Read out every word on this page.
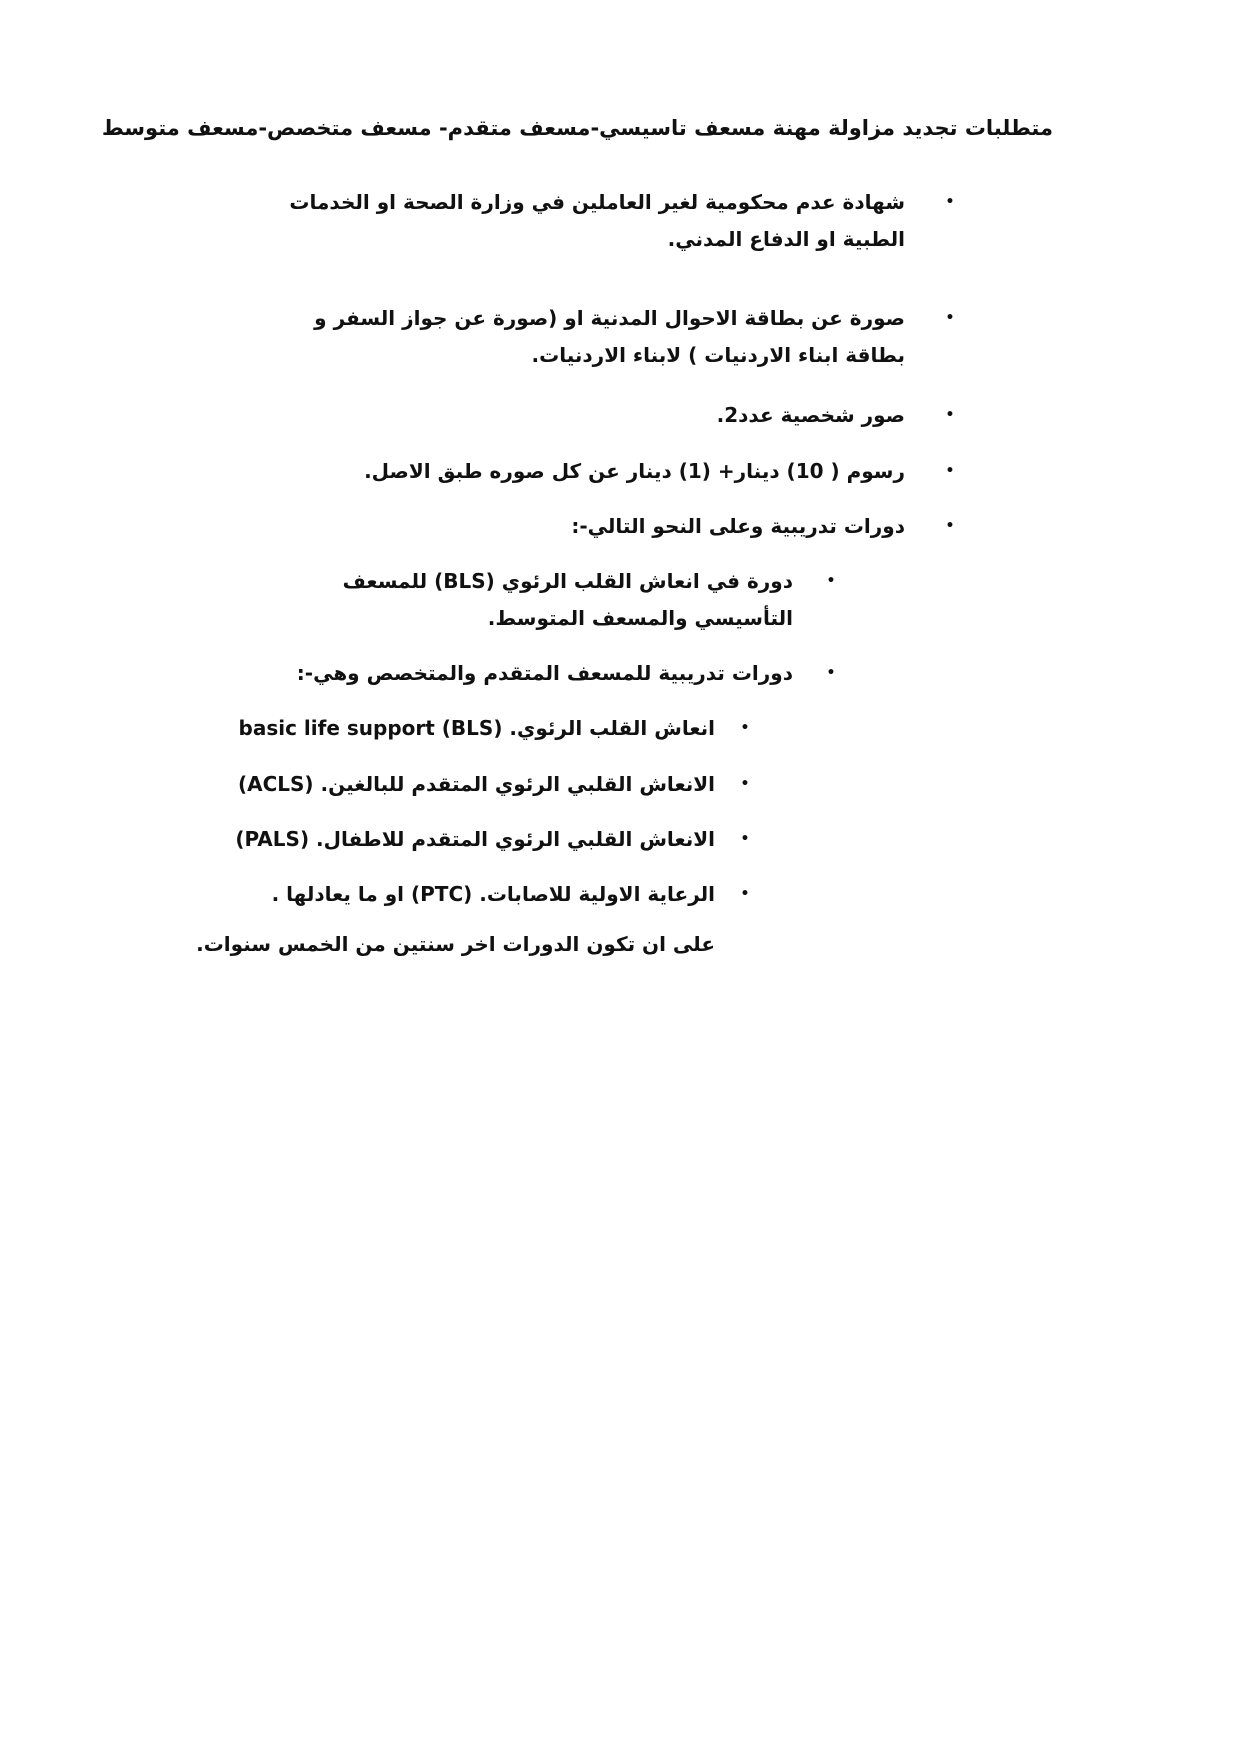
متطلبات تجديد مزاولة مهنة مسعف تاسيسي-مسعف متقدم- مسعف متخصص-مسعف متوسط
•
شهادة عدم محكومية لغير العاملين في وزارة الصحة او الخدمات الطبية او الدفاع المدني.
•
صورة عن بطاقة الاحوال المدنية او (صورة عن جواز السفر و بطاقة ابناء الاردنيات ) لابناء الاردنيات.
•
صور شخصية عدد2.
•
رسوم ( 10) دينار+ (1) دينار عن كل صوره طبق الاصل.
•
دورات تدريبية وعلى النحو التالي-:
•
دورة في انعاش القلب الرئوي (BLS) للمسعف التأسيسي والمسعف المتوسط.
•
دورات تدريبية للمسعف المتقدم والمتخصص وهي-:
•
انعاش القلب الرئوي. (BLS) basic life support
•
الانعاش القلبي الرئوي المتقدم للبالغين. (ACLS)
•
الانعاش القلبي الرئوي المتقدم للاطفال. (PALS)
•
الرعاية الاولية للاصابات. (PTC) او ما يعادلها .
على ان تكون الدورات اخر سنتين من الخمس سنوات.
